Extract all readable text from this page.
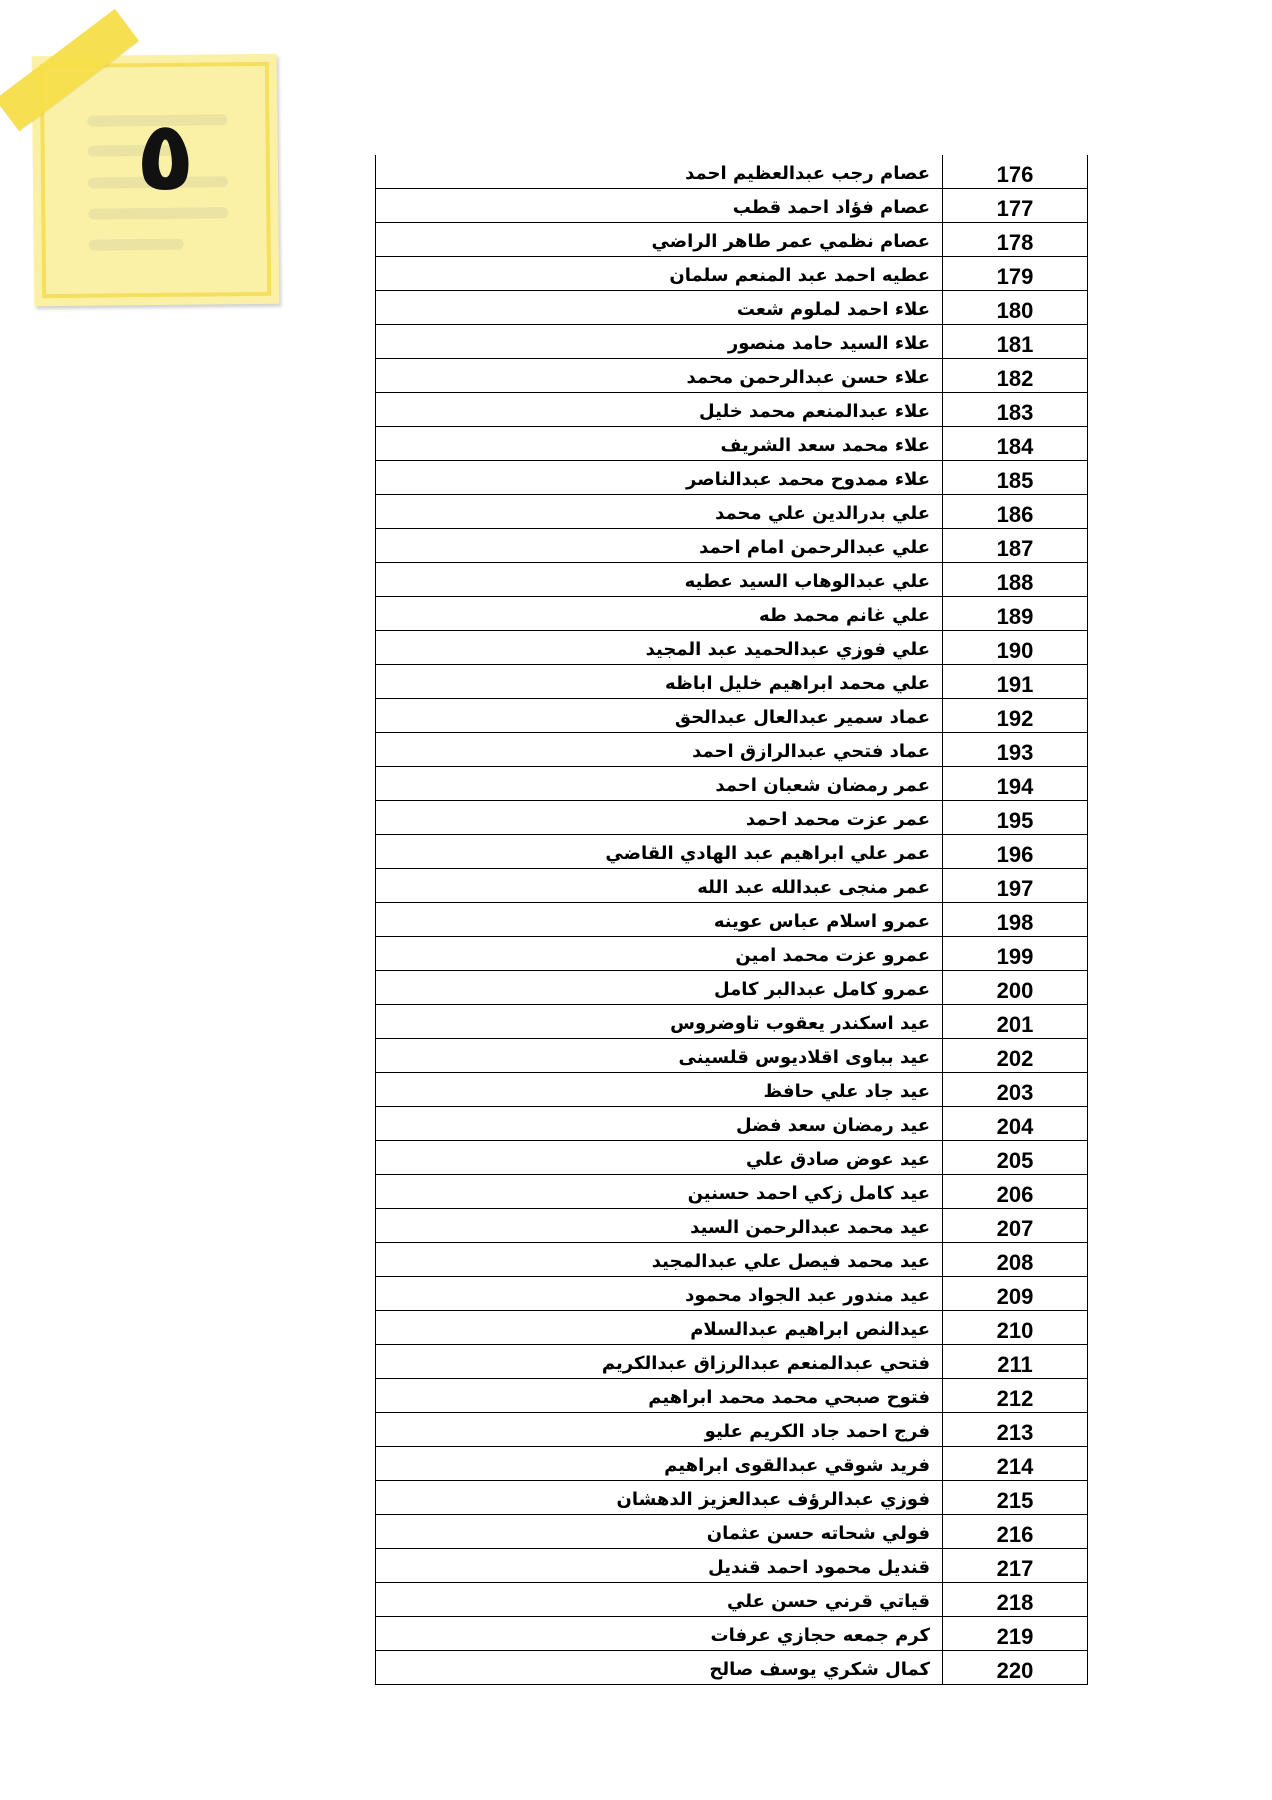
٥	عصام رجب عبدالعظيم احمد	176
عصام فؤاد احمد قطب	177
عصام نظمي عمر طاهر الراضي	178
عطيه احمد عبد المنعم سلمان	179
علاء احمد لملوم شعت	180
علاء السيد حامد منصور	181
علاء حسن عبدالرحمن محمد	182
علاء عبدالمنعم محمد خليل	183
علاء محمد سعد الشريف	184
علاء ممدوح محمد عبدالناصر	185
علي بدرالدين علي محمد	186
علي عبدالرحمن امام احمد	187
علي عبدالوهاب السيد عطيه	188
علي غانم محمد طه	189
علي فوزي عبدالحميد عبد المجيد	190
علي محمد ابراهيم خليل اباظه	191
عماد سمير عبدالعال عبدالحق	192
عماد فتحي عبدالرازق احمد	193
عمر رمضان شعبان احمد	194
عمر عزت محمد احمد	195
عمر علي ابراهيم عبد الهادي القاضي	196
عمر منجى عبدالله عبد الله	197
عمرو اسلام عباس عوينه	198
عمرو عزت محمد امين	199
عمرو كامل عبدالبر كامل	200
عيد اسكندر يعقوب تاوضروس	201
عيد بباوى اقلاديوس قلسينى	202
عيد جاد علي حافظ	203
عيد رمضان سعد فضل	204
عيد عوض صادق علي	205
عيد كامل زكي احمد حسنين	206
عيد محمد عبدالرحمن السيد	207
عيد محمد فيصل علي عبدالمجيد	208
عيد مندور عبد الجواد محمود	209
عيدالنص ابراهيم عبدالسلام	210
فتحي عبدالمنعم عبدالرزاق عبدالكريم	211
فتوح صبحي محمد محمد ابراهيم	212
فرج احمد جاد الكريم عليو	213
فريد شوقي عبدالقوى ابراهيم	214
فوزي عبدالرؤف عبدالعزيز الدهشان	215
فولي شحاته حسن عثمان	216
قنديل محمود احمد قنديل	217
قياتي قرني حسن علي	218
كرم جمعه حجازي عرفات	219
كمال شكري يوسف صالح	220
